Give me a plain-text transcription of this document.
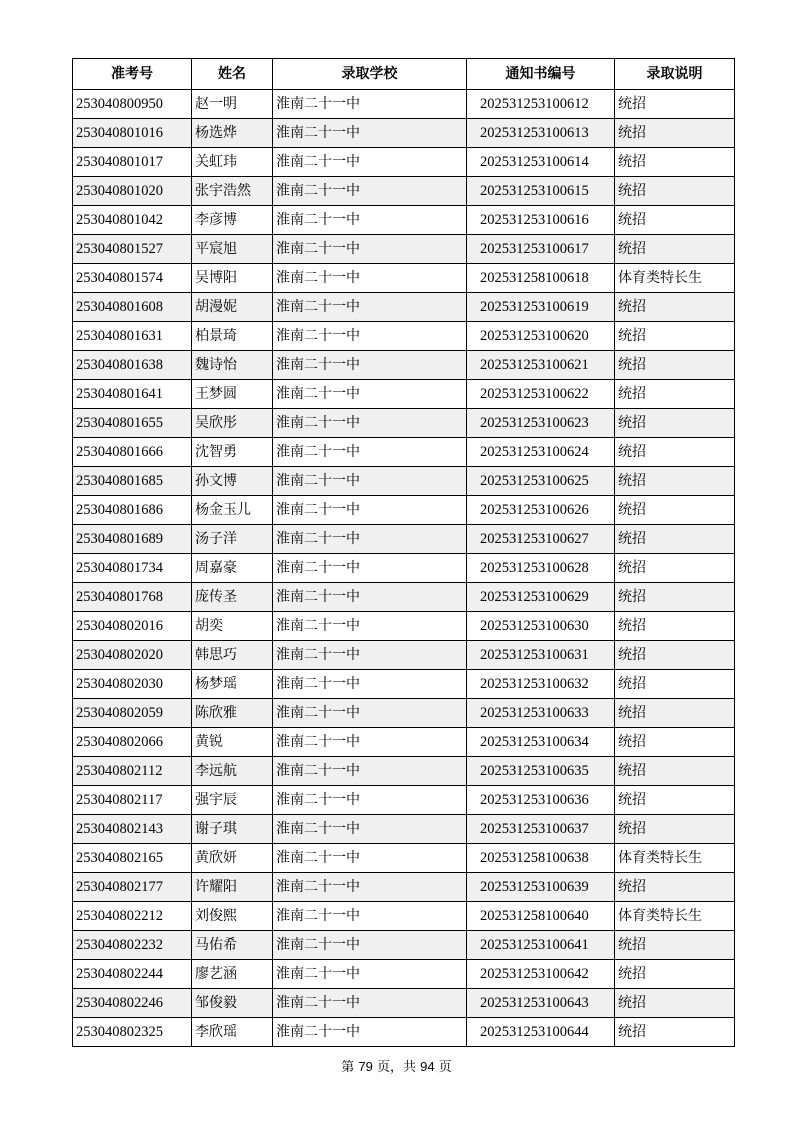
准考号	姓名	录取学校	通知书编号	录取说明
253040800950	赵一明	淮南二十一中	202531253100612	统招
253040801016	杨选烨	淮南二十一中	202531253100613	统招
253040801017	关虹玮	淮南二十一中	202531253100614	统招
253040801020	张宇浩然	淮南二十一中	202531253100615	统招
253040801042	李彦博	淮南二十一中	202531253100616	统招
253040801527	平宸旭	淮南二十一中	202531253100617	统招
253040801574	吴博阳	淮南二十一中	202531258100618	体育类特长生
253040801608	胡漫妮	淮南二十一中	202531253100619	统招
253040801631	柏景琦	淮南二十一中	202531253100620	统招
253040801638	魏诗怡	淮南二十一中	202531253100621	统招
253040801641	王梦圆	淮南二十一中	202531253100622	统招
253040801655	吴欣彤	淮南二十一中	202531253100623	统招
253040801666	沈智勇	淮南二十一中	202531253100624	统招
253040801685	孙文博	淮南二十一中	202531253100625	统招
253040801686	杨金玉儿	淮南二十一中	202531253100626	统招
253040801689	汤子洋	淮南二十一中	202531253100627	统招
253040801734	周嘉豪	淮南二十一中	202531253100628	统招
253040801768	庞传圣	淮南二十一中	202531253100629	统招
253040802016	胡奕	淮南二十一中	202531253100630	统招
253040802020	韩思巧	淮南二十一中	202531253100631	统招
253040802030	杨梦瑶	淮南二十一中	202531253100632	统招
253040802059	陈欣雅	淮南二十一中	202531253100633	统招
253040802066	黄锐	淮南二十一中	202531253100634	统招
253040802112	李远航	淮南二十一中	202531253100635	统招
253040802117	强宇辰	淮南二十一中	202531253100636	统招
253040802143	谢子琪	淮南二十一中	202531253100637	统招
253040802165	黄欣妍	淮南二十一中	202531258100638	体育类特长生
253040802177	许耀阳	淮南二十一中	202531253100639	统招
253040802212	刘俊熙	淮南二十一中	202531258100640	体育类特长生
253040802232	马佑希	淮南二十一中	202531253100641	统招
253040802244	廖艺涵	淮南二十一中	202531253100642	统招
253040802246	邹俊毅	淮南二十一中	202531253100643	统招
253040802325	李欣瑶	淮南二十一中	202531253100644	统招
第 79 页，共 94 页
